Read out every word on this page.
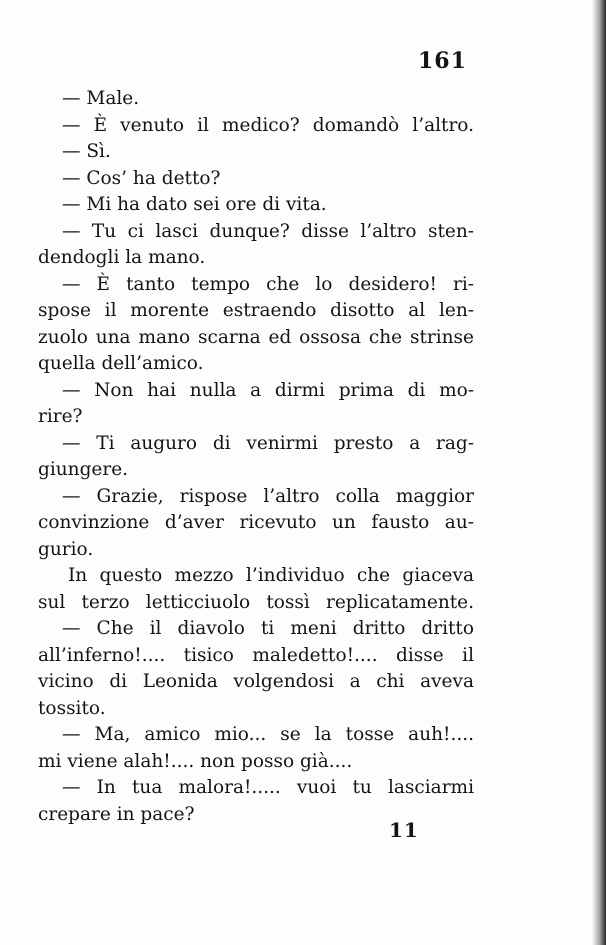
161
— Male.
— È venuto il medico? domandò l’altro.
— Sì.
— Cos’ ha detto?
— Mi ha dato sei ore di vita.
— Tu ci lasci dunque? disse l’altro sten-
dendogli la mano.
— È tanto tempo che lo desidero! ri-
spose il morente estraendo disotto al len-
zuolo una mano scarna ed ossosa che strinse
quella dell’amico.
— Non hai nulla a dirmi prima di mo-
rire?
— Ti auguro di venirmi presto a rag-
giungere.
— Grazie, rispose l’altro colla maggior
convinzione d’aver ricevuto un fausto au-
gurio.
In questo mezzo l’individuo che giaceva
sul terzo letticciuolo tossì replicatamente.
— Che il diavolo ti meni dritto dritto
all’inferno!.... tisico maledetto!.... disse il
vicino di Leonida volgendosi a chi aveva
tossito.
— Ma, amico mio... se la tosse auh!....
mi viene alah!.... non posso già....
— In tua malora!..... vuoi tu lasciarmi
crepare in pace?
11
